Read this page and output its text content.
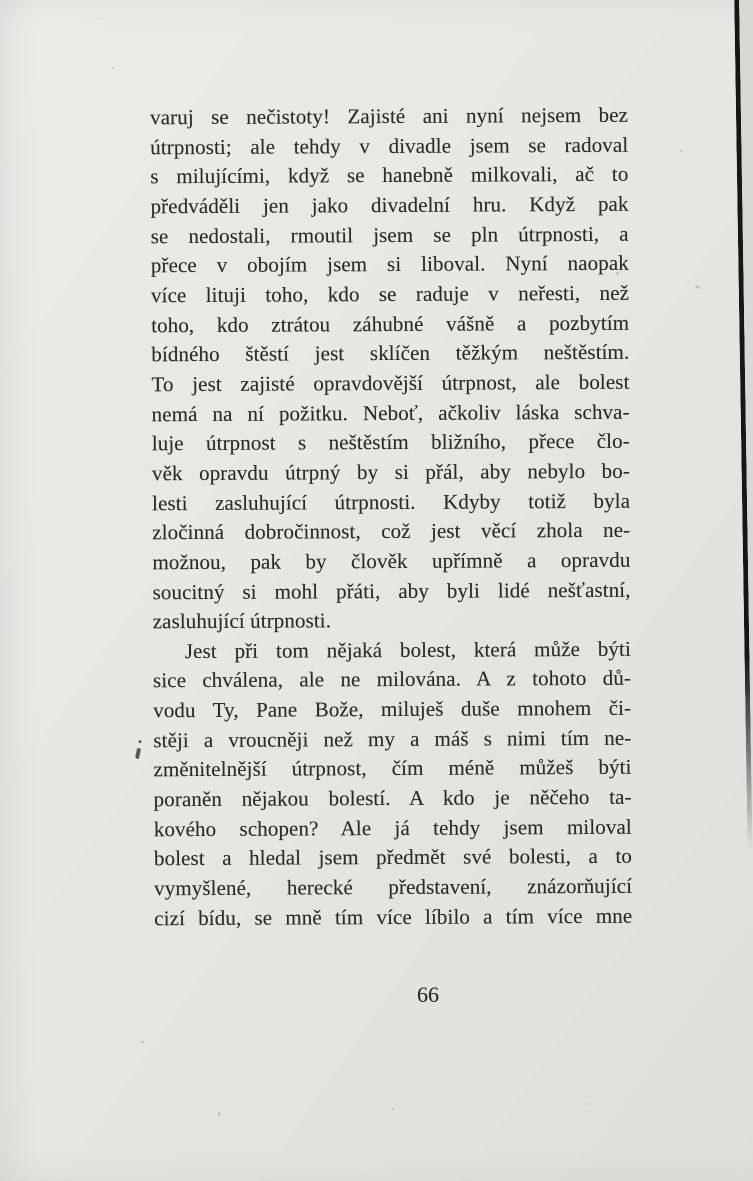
varuj se nečistoty! Zajisté ani nyní nejsem bez
útrpnosti; ale tehdy v divadle jsem se radoval
s milujícími, když se hanebně milkovali, ač to
předváděli jen jako divadelní hru. Když pak
se nedostali, rmoutil jsem se pln útrpnosti, a
přece v obojím jsem si liboval. Nyní naopak
více lituji toho, kdo se raduje v neřesti, než
toho, kdo ztrátou záhubné vášně a pozbytím
bídného štěstí jest sklíčen těžkým neštěstím.
To jest zajisté opravdovější útrpnost, ale bolest
nemá na ní požitku. Neboť, ačkoliv láska schva-
luje útrpnost s neštěstím bližního, přece člo-
věk opravdu útrpný by si přál, aby nebylo bo-
lesti zasluhující útrpnosti. Kdyby totiž byla
zločinná dobročinnost, což jest věcí zhola ne-
možnou, pak by člověk upřímně a opravdu
soucitný si mohl přáti, aby byli lidé nešťastní,
zasluhující útrpnosti.
Jest při tom nějaká bolest, která může býti
sice chválena, ale ne milována. A z tohoto dů-
vodu Ty, Pane Bože, miluješ duše mnohem či-
stěji a vroucněji než my a máš s nimi tím ne-
změnitelnější útrpnost, čím méně můžeš býti
poraněn nějakou bolestí. A kdo je něčeho ta-
kového schopen? Ale já tehdy jsem miloval
bolest a hledal jsem předmět své bolesti, a to
vymyšlené, herecké představení, znázorňující
cizí bídu, se mně tím více líbilo a tím více mne
66
